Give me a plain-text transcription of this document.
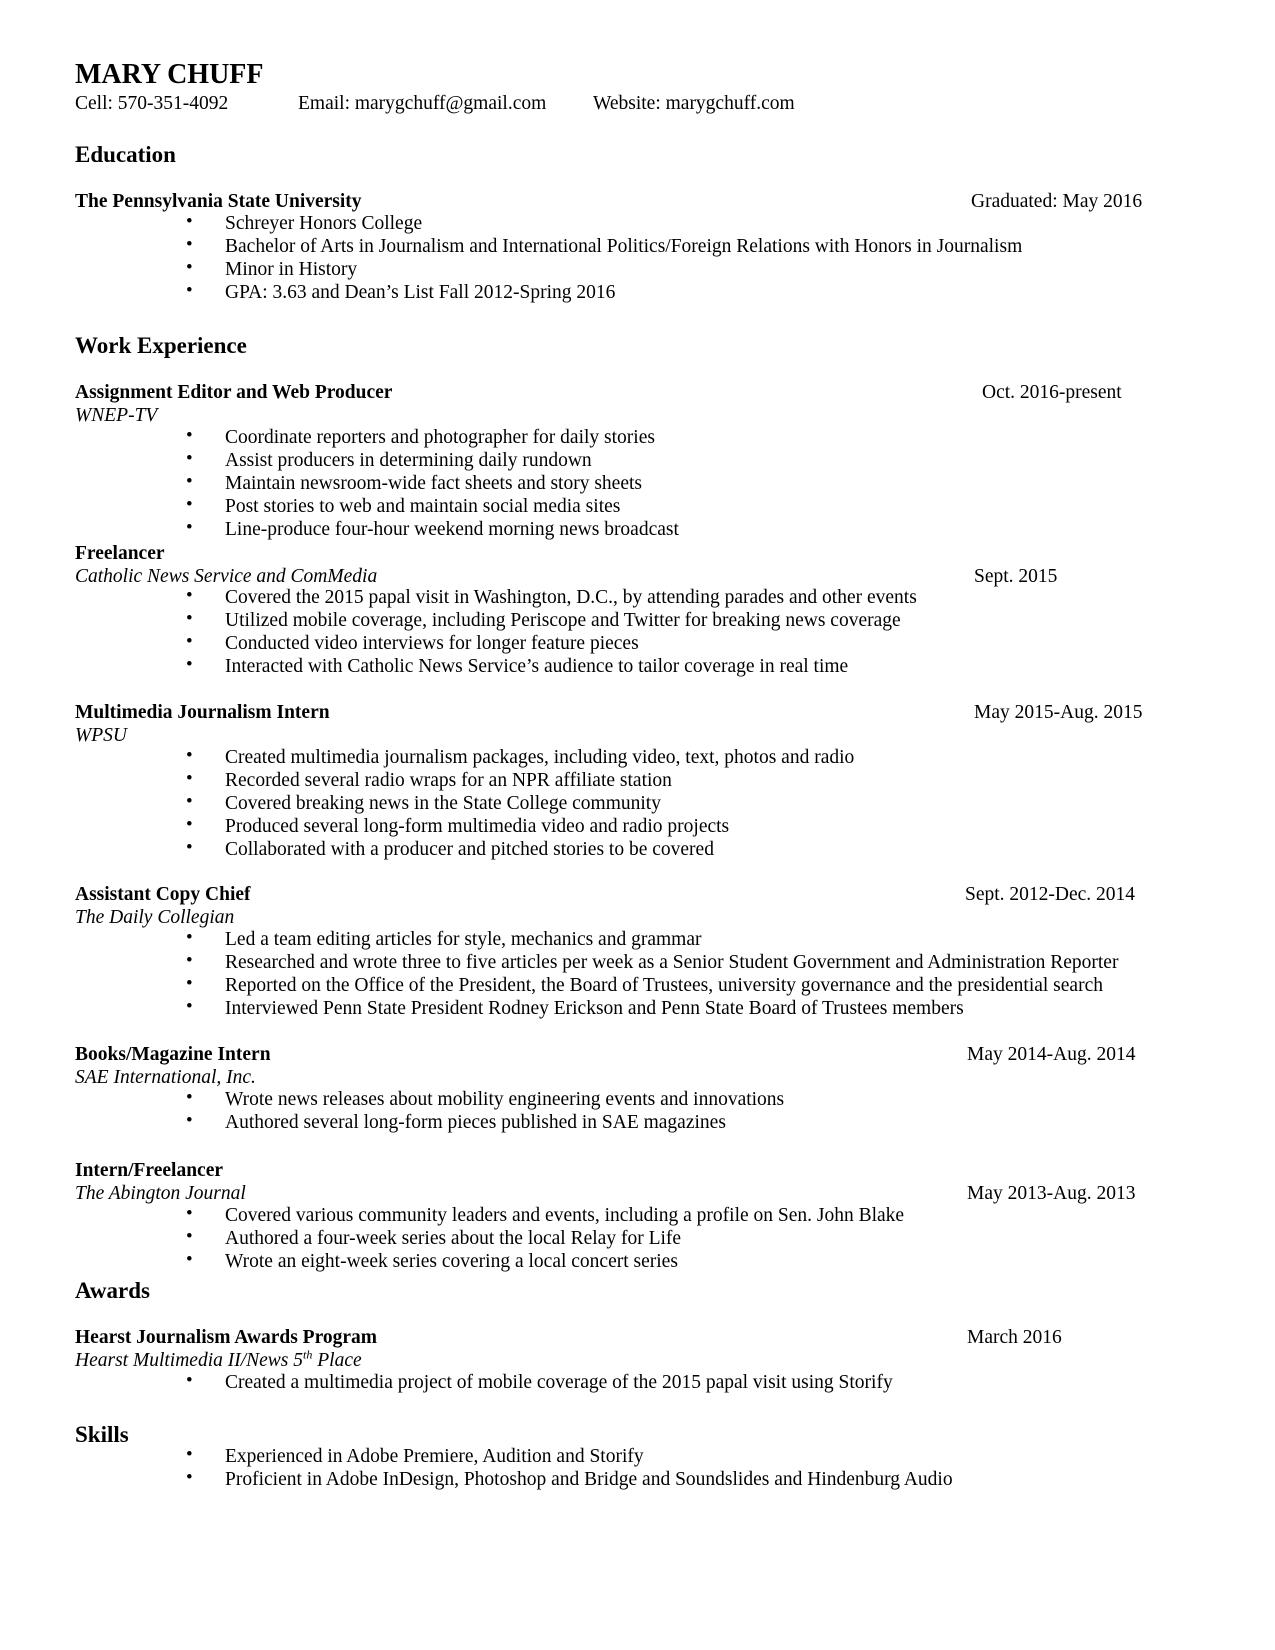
MARY CHUFF
Cell: 570-351-4092	Email: marygchuff@gmail.com Website: marygchuff.com
Education
The Pennsylvania State University	Graduated: May 2016
• Schreyer Honors College
• Bachelor of Arts in Journalism and International Politics/Foreign Relations with Honors in Journalism
• Minor in History
• GPA: 3.63 and Dean’s List Fall 2012-Spring 2016
Work Experience
Assignment Editor and Web Producer	Oct. 2016-present
WNEP-TV
• Coordinate reporters and photographer for daily stories
• Assist producers in determining daily rundown
• Maintain newsroom-wide fact sheets and story sheets
• Post stories to web and maintain social media sites
• Line-produce four-hour weekend morning news broadcast
Freelancer
Catholic News Service and ComMedia	Sept. 2015
• Covered the 2015 papal visit in Washington, D.C., by attending parades and other events
• Utilized mobile coverage, including Periscope and Twitter for breaking news coverage
• Conducted video interviews for longer feature pieces
• Interacted with Catholic News Service’s audience to tailor coverage in real time
Multimedia Journalism Intern	May 2015-Aug. 2015
WPSU
• Created multimedia journalism packages, including video, text, photos and radio
• Recorded several radio wraps for an NPR affiliate station
• Covered breaking news in the State College community
• Produced several long-form multimedia video and radio projects
• Collaborated with a producer and pitched stories to be covered
Assistant Copy Chief	Sept. 2012-Dec. 2014
The Daily Collegian
• Led a team editing articles for style, mechanics and grammar
• Researched and wrote three to five articles per week as a Senior Student Government and Administration Reporter
• Reported on the Office of the President, the Board of Trustees, university governance and the presidential search
• Interviewed Penn State President Rodney Erickson and Penn State Board of Trustees members
Books/Magazine Intern	May 2014-Aug. 2014
SAE International, Inc.
• Wrote news releases about mobility engineering events and innovations
• Authored several long-form pieces published in SAE magazines
Intern/Freelancer
The Abington Journal	May 2013-Aug. 2013
• Covered various community leaders and events, including a profile on Sen. John Blake
• Authored a four-week series about the local Relay for Life
• Wrote an eight-week series covering a local concert series
Awards
Hearst Journalism Awards Program	March 2016
Hearst Multimedia II/News 5th Place
• Created a multimedia project of mobile coverage of the 2015 papal visit using Storify
Skills
• Experienced in Adobe Premiere, Audition and Storify
• Proficient in Adobe InDesign, Photoshop and Bridge and Soundslides and Hindenburg Audio
